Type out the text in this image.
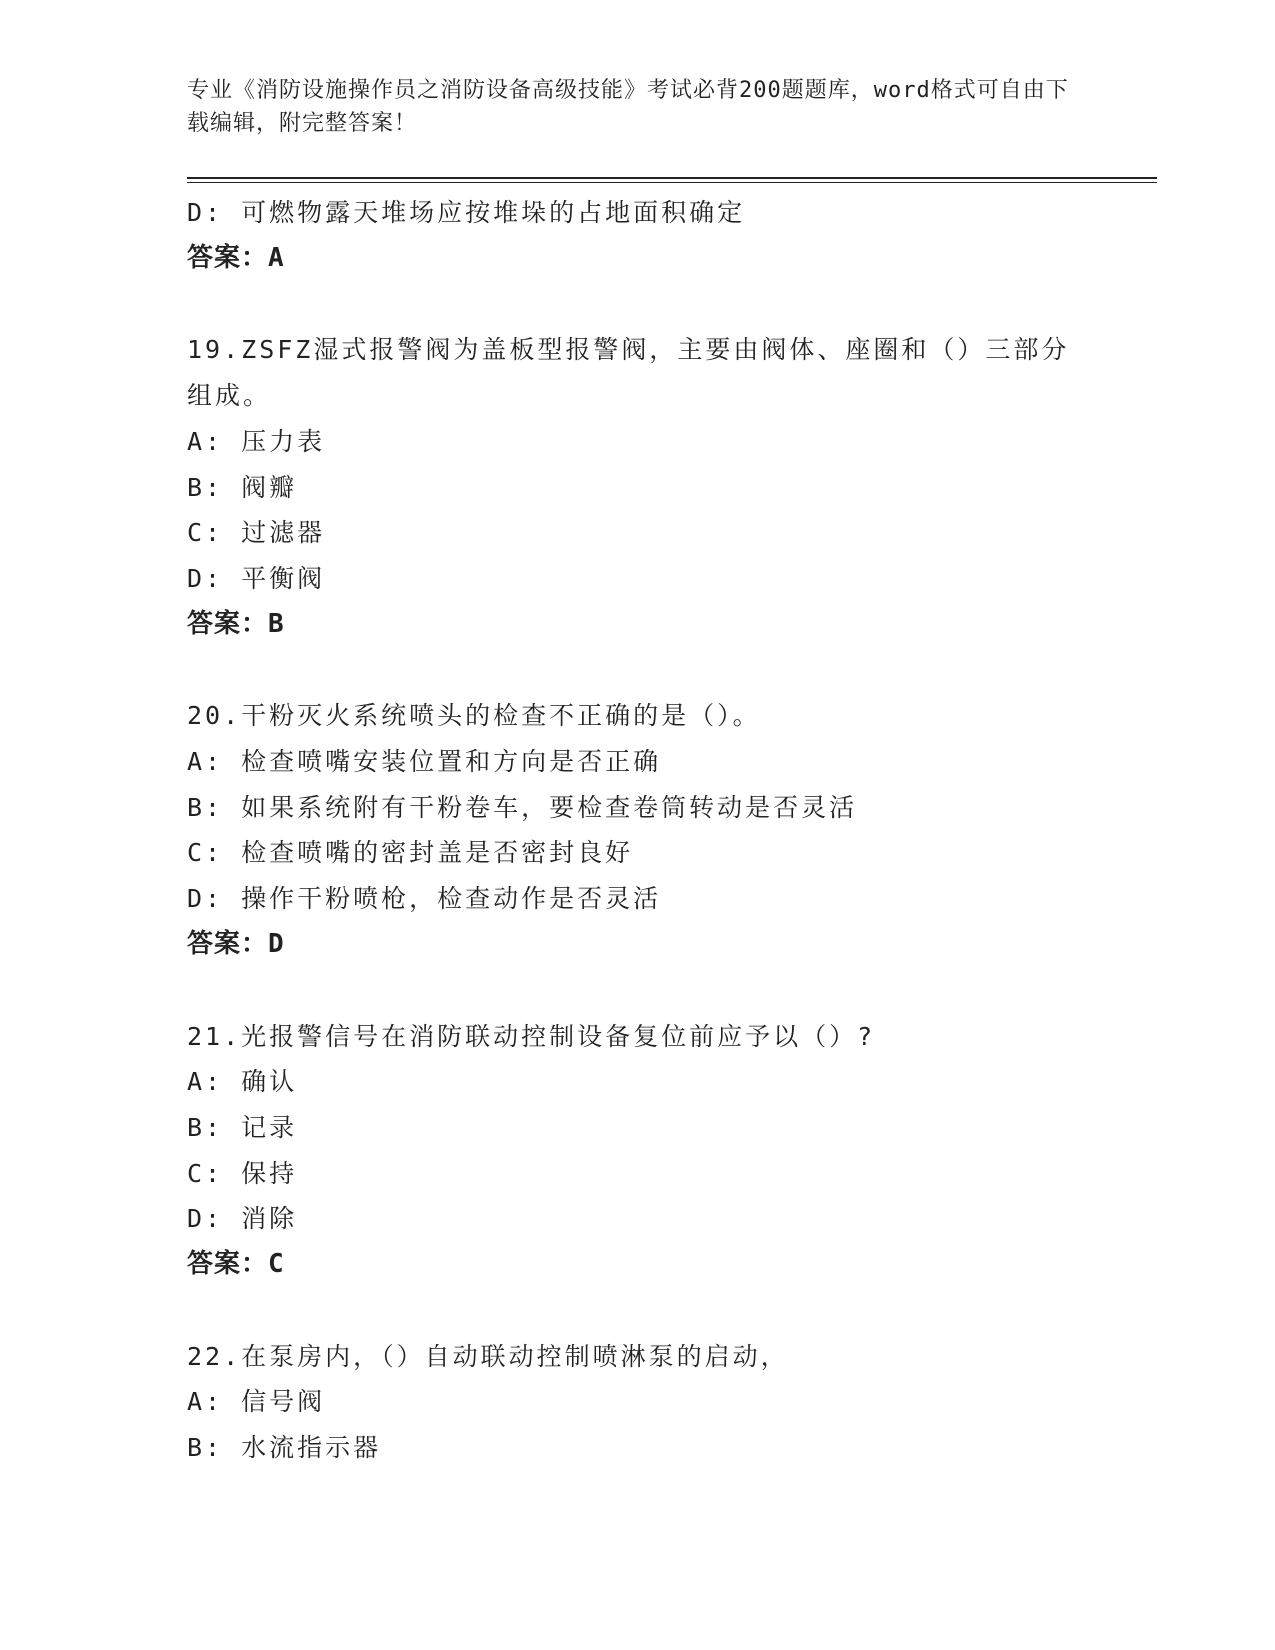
专业《消防设施操作员之消防设备高级技能》考试必背200题题库，word格式可自由下载编辑，附完整答案！
D: 可燃物露天堆场应按堆垛的占地面积确定
答案：A
19.ZSFZ湿式报警阀为盖板型报警阀，主要由阀体、座圈和（）三部分
组成。
A: 压力表
B: 阀瓣
C: 过滤器
D: 平衡阀
答案：B
20.干粉灭火系统喷头的检查不正确的是（）。
A: 检查喷嘴安装位置和方向是否正确
B: 如果系统附有干粉卷车，要检查卷筒转动是否灵活
C: 检查喷嘴的密封盖是否密封良好
D: 操作干粉喷枪，检查动作是否灵活
答案：D
21.光报警信号在消防联动控制设备复位前应予以（）?
A: 确认
B: 记录
C: 保持
D: 消除
答案：C
22.在泵房内，（）自动联动控制喷淋泵的启动，
A: 信号阀
B: 水流指示器
